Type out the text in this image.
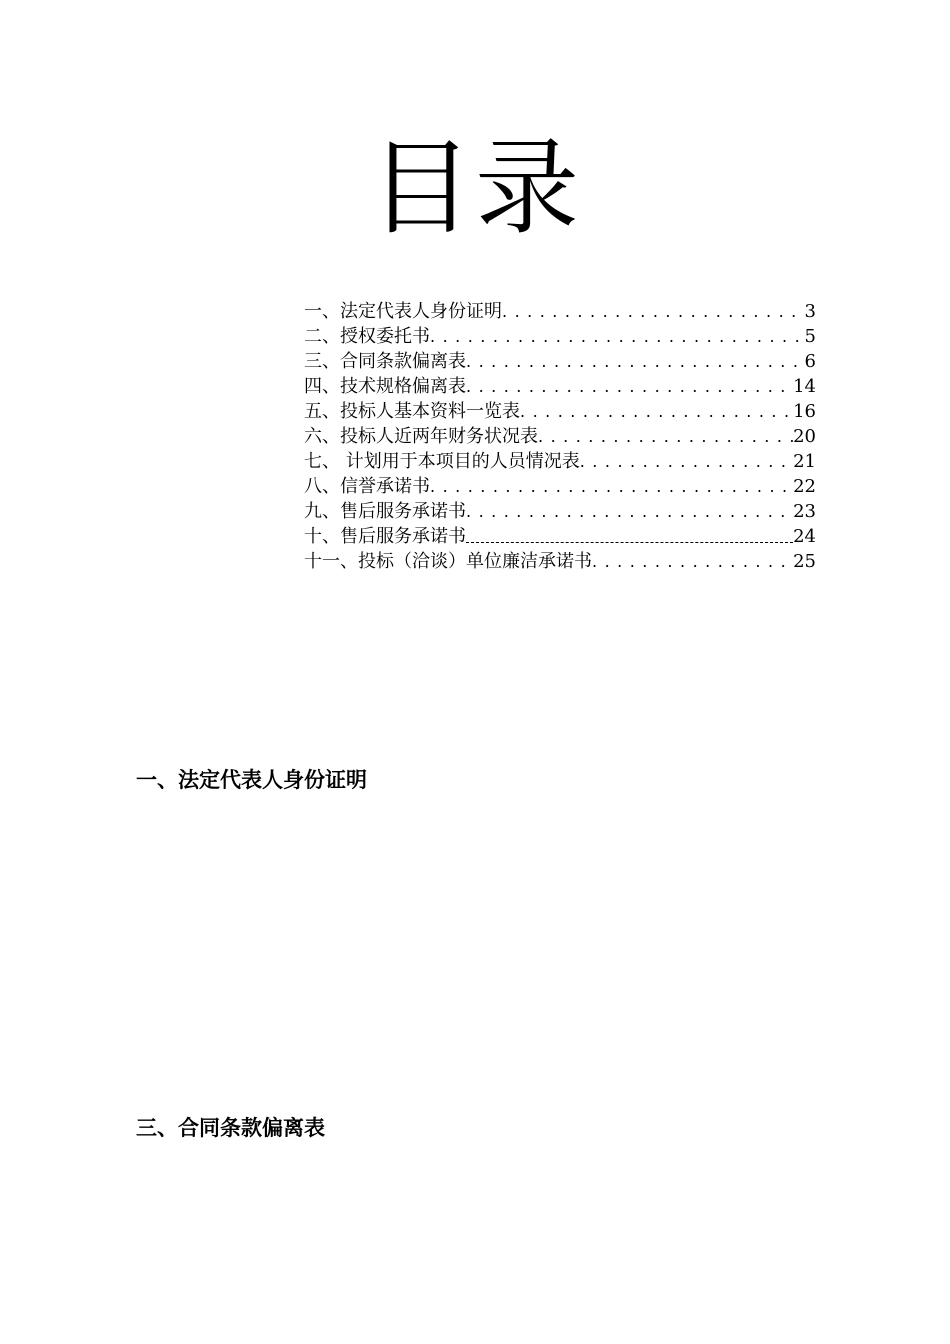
目录
一、法定代表人身份证明 . . .	3
二、授权委托书 . . .	5
三、合同条款偏离表 . . .	6
四、技术规格偏离表 . . .	14
五、投标人基本资料一览表 . . .	16
六、投标人近两年财务状况表 . . .	20
七、 计划用于本项目的人员情况表 . . .	21
八、信誉承诺书 . . .	22
九、售后服务承诺书 . . .	23
十、售后服务承诺书	24
十一、投标（洽谈）单位廉洁承诺书 . . .	25
一、法定代表人身份证明
三、合同条款偏离表
